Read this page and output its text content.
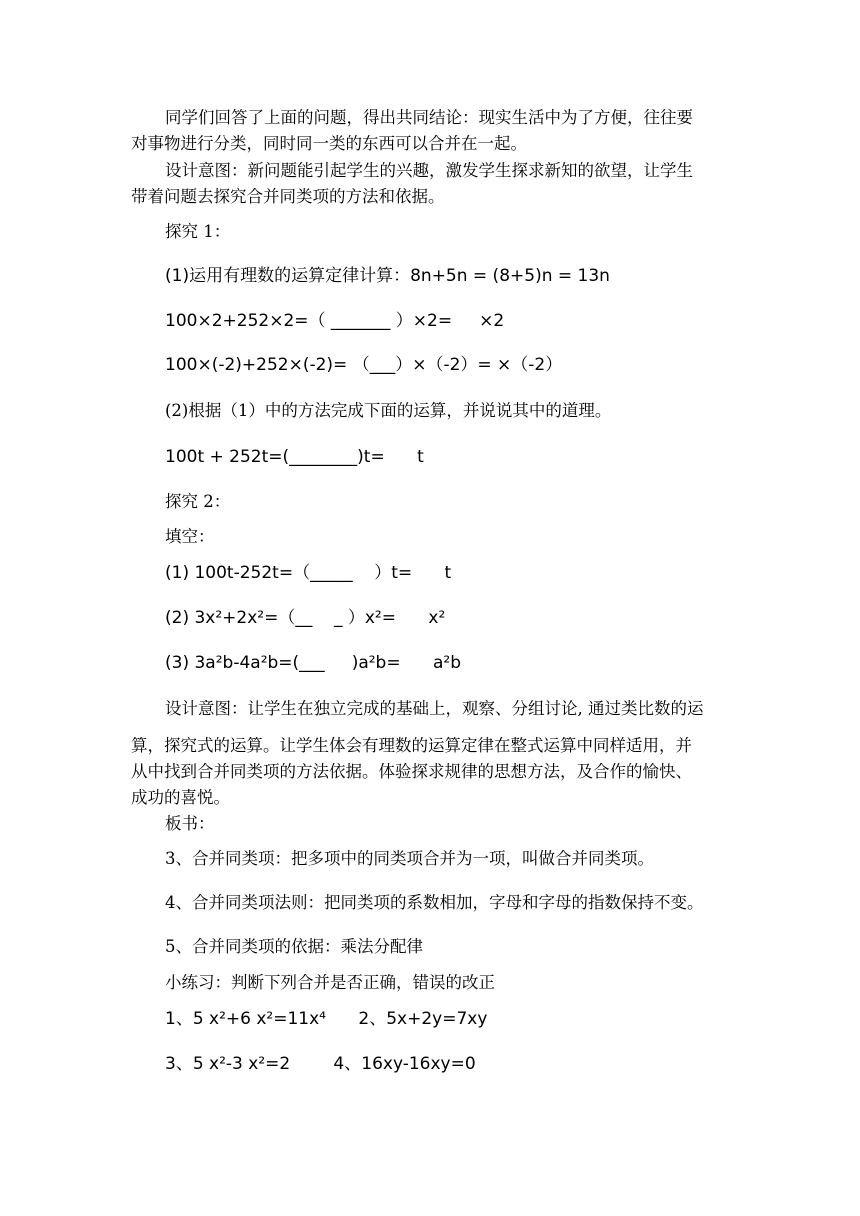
同学们回答了上面的问题，得出共同结论：现实生活中为了方便，往往要
对事物进行分类，同时同一类的东西可以合并在一起。
设计意图：新问题能引起学生的兴趣，激发学生探求新知的欲望，让学生
带着问题去探究合并同类项的方法和依据。
探究 1：
(1)运用有理数的运算定律计算：8n+5n = (8+5)n = 13n
100×2+252×2=（ _______ ）×2=     ×2
100×(-2)+252×(-2)= （___）×（-2）= ×（-2）
(2)根据（1）中的方法完成下面的运算，并说说其中的道理。
100t + 252t=(________)t=      t
探究 2：
填空：
(1) 100t-252t=（_____    ）t=      t
(2) 3x²+2x²=（__    _ ）x²=      x²
(3) 3a²b-4a²b=(___     )a²b=      a²b
设计意图：让学生在独立完成的基础上，观察、分组讨论, 通过类比数的运
算，探究式的运算。让学生体会有理数的运算定律在整式运算中同样适用，并
从中找到合并同类项的方法依据。体验探求规律的思想方法，及合作的愉快、
成功的喜悦。
板书：
3、合并同类项：把多项中的同类项合并为一项，叫做合并同类项。
4、合并同类项法则：把同类项的系数相加，字母和字母的指数保持不变。
5、合并同类项的依据：乘法分配律
小练习：判断下列合并是否正确，错误的改正
1、5 x²+6 x²=11x⁴      2、5x+2y=7xy
3、5 x²-3 x²=2        4、16xy-16xy=0
